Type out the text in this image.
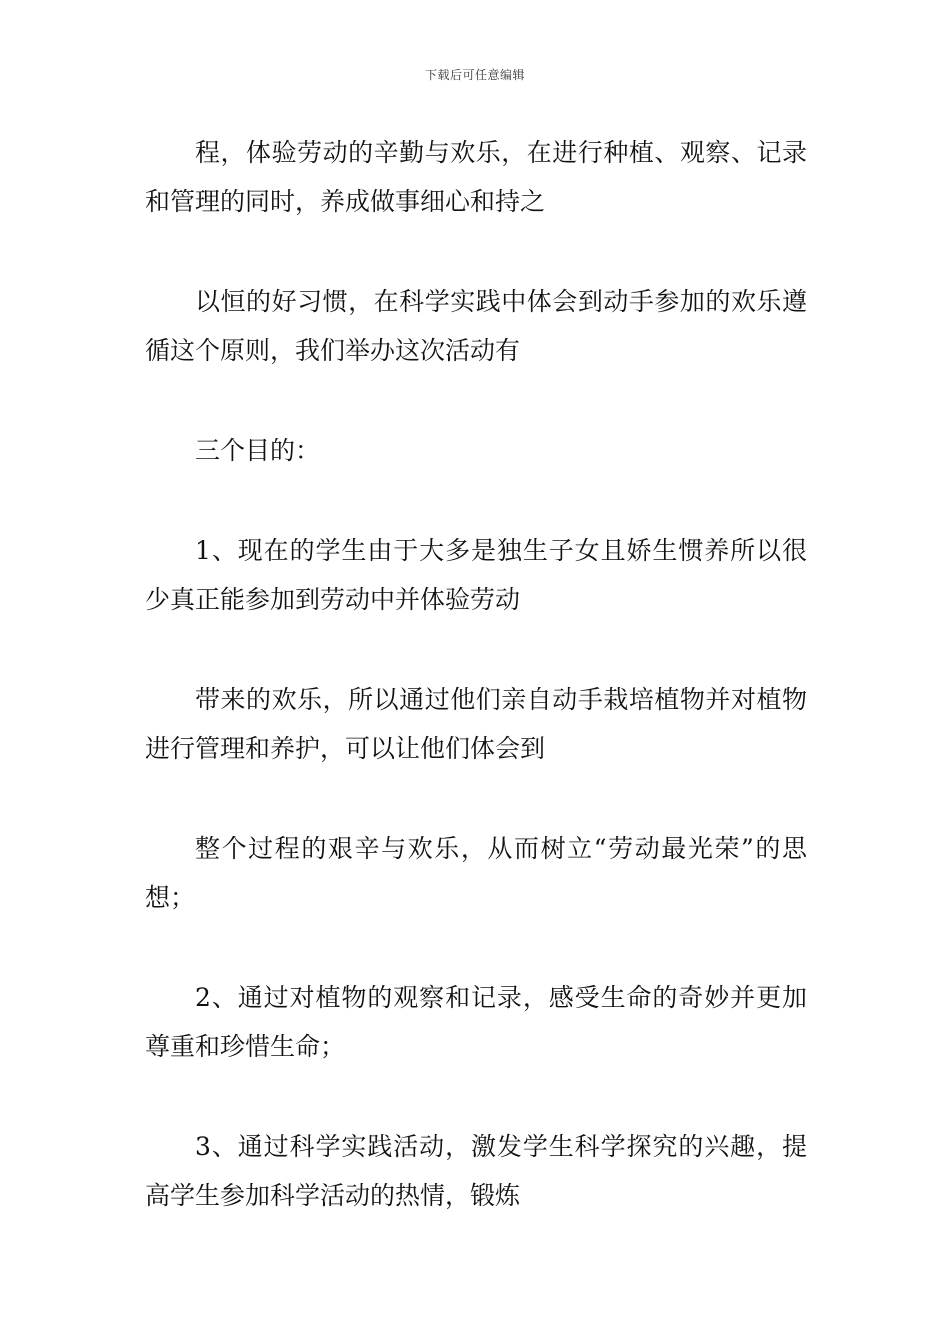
下载后可任意编辑

程，体验劳动的辛勤与欢乐，在进行种植、观察、记录和管理的同时，养成做事细心和持之

以恒的好习惯，在科学实践中体会到动手参加的欢乐遵循这个原则，我们举办这次活动有

三个目的：

1、现在的学生由于大多是独生子女且娇生惯养所以很少真正能参加到劳动中并体验劳动

带来的欢乐，所以通过他们亲自动手栽培植物并对植物进行管理和养护，可以让他们体会到

整个过程的艰辛与欢乐，从而树立“劳动最光荣”的思想；

2、通过对植物的观察和记录，感受生命的奇妙并更加尊重和珍惜生命；

3、通过科学实践活动，激发学生科学探究的兴趣，提高学生参加科学活动的热情，锻炼
